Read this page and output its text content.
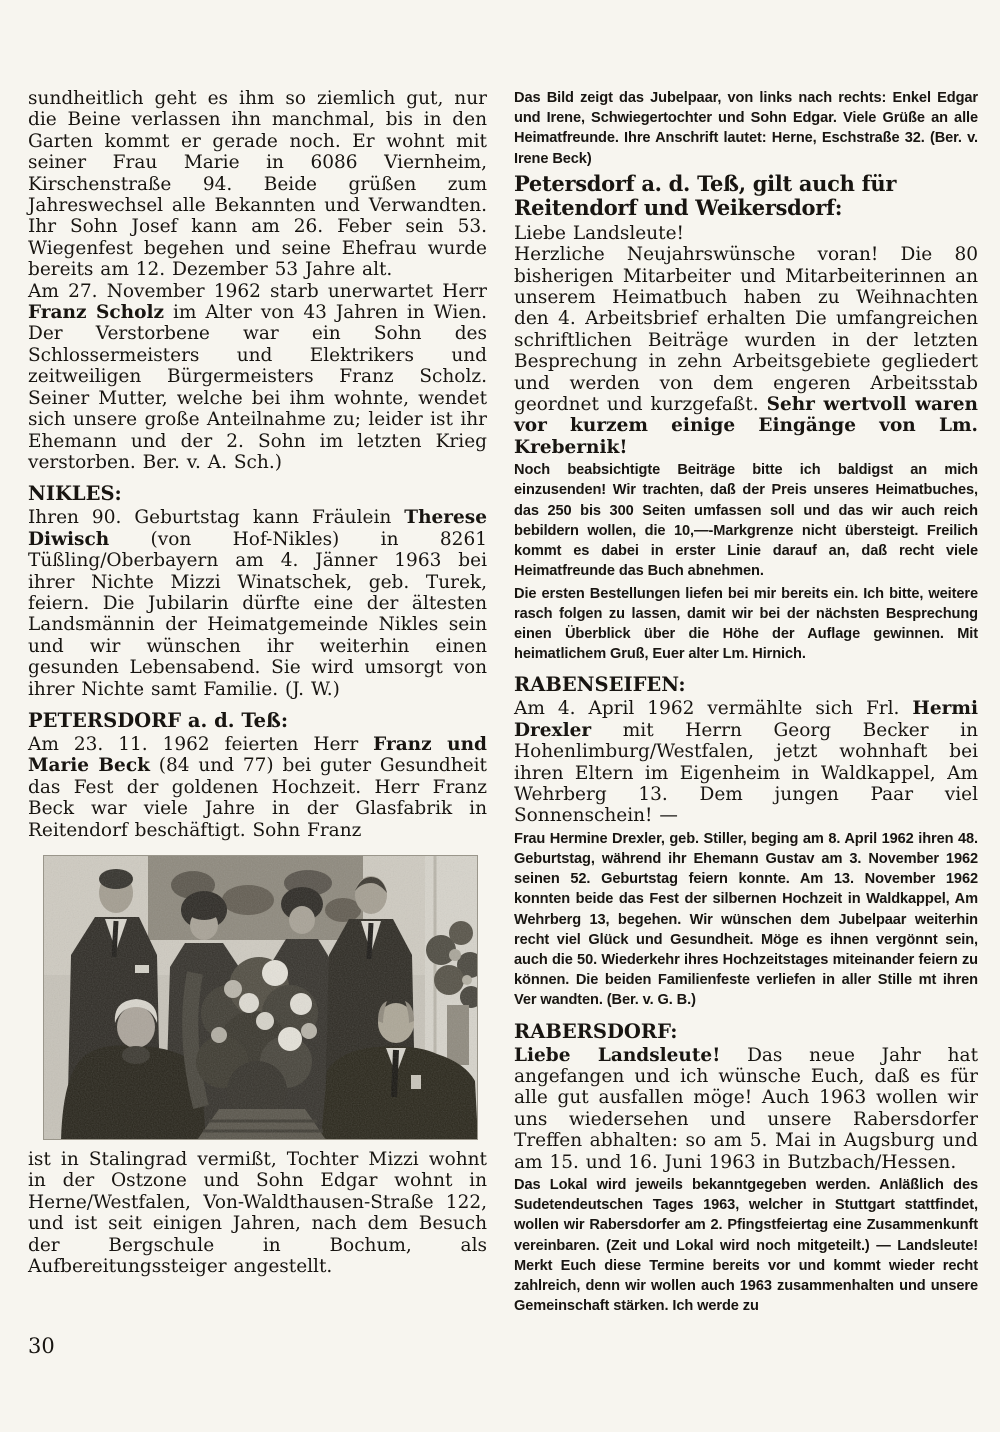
sundheitlich geht es ihm so ziemlich gut, nur die Beine verlassen ihn manchmal, bis in den Garten kommt er gerade noch. Er wohnt mit seiner Frau Marie in 6086 Viernheim, Kirschenstraße 94. Beide grüßen zum Jahreswechsel alle Bekannten und Verwandten. Ihr Sohn Josef kann am 26. Feber sein 53. Wiegenfest begehen und seine Ehefrau wurde bereits am 12. Dezember 53 Jahre alt.

Am 27. November 1962 starb unerwartet Herr Franz Scholz im Alter von 43 Jahren in Wien. Der Verstorbene war ein Sohn des Schlossermeisters und Elektrikers und zeitweiligen Bürgermeisters Franz Scholz. Seiner Mutter, welche bei ihm wohnte, wendet sich unsere große Anteilnahme zu; leider ist ihr Ehemann und der 2. Sohn im letzten Krieg verstorben. Ber. v. A. Sch.)

NIKLES:

Ihren 90. Geburtstag kann Fräulein Therese Diwisch (von Hof-Nikles) in 8261 Tüßling/Oberbayern am 4. Jänner 1963 bei ihrer Nichte Mizzi Winatschek, geb. Turek, feiern. Die Jubilarin dürfte eine der ältesten Landsmännin der Heimatgemeinde Nikles sein und wir wünschen ihr weiterhin einen gesunden Lebensabend. Sie wird umsorgt von ihrer Nichte samt Familie. (J. W.)

PETERSDORF a. d. Teß:

Am 23. 11. 1962 feierten Herr Franz und Marie Beck (84 und 77) bei guter Gesundheit das Fest der goldenen Hochzeit. Herr Franz Beck war viele Jahre in der Glasfabrik in Reitendorf beschäftigt. Sohn Franz

ist in Stalingrad vermißt, Tochter Mizzi wohnt in der Ostzone und Sohn Edgar wohnt in Herne/Westfalen, Von-Waldthausen-Straße 122, und ist seit einigen Jahren, nach dem Besuch der Bergschule in Bochum, als Aufbereitungssteiger angestellt.

Das Bild zeigt das Jubelpaar, von links nach rechts: Enkel Edgar und Irene, Schwiegertochter und Sohn Edgar. Viele Grüße an alle Heimatfreunde. Ihre Anschrift lautet: Herne, Eschstraße 32. (Ber. v. Irene Beck)

Petersdorf a. d. Teß, gilt auch für Reitendorf und Weikersdorf:

Liebe Landsleute!

Herzliche Neujahrswünsche voran! Die 80 bisherigen Mitarbeiter und Mitarbeiterinnen an unserem Heimatbuch haben zu Weihnachten den 4. Arbeitsbrief erhalten Die umfangreichen schriftlichen Beiträge wurden in der letzten Besprechung in zehn Arbeitsgebiete gegliedert und werden von dem engeren Arbeitsstab geordnet und kurzgefaßt. Sehr wertvoll waren vor kurzem einige Eingänge von Lm. Krebernik!

Noch beabsichtigte Beiträge bitte ich baldigst an mich einzusenden! Wir trachten, daß der Preis unseres Heimatbuches, das 250 bis 300 Seiten umfassen soll und das wir auch reich bebildern wollen, die 10,—-Markgrenze nicht übersteigt. Freilich kommt es dabei in erster Linie darauf an, daß recht viele Heimatfreunde das Buch abnehmen.

Die ersten Bestellungen liefen bei mir bereits ein. Ich bitte, weitere rasch folgen zu lassen, damit wir bei der nächsten Besprechung einen Überblick über die Höhe der Auflage gewinnen. Mit heimatlichem Gruß, Euer alter Lm. Hirnich.

RABENSEIFEN:

Am 4. April 1962 vermählte sich Frl. Hermi Drexler mit Herrn Georg Becker in Hohenlimburg/Westfalen, jetzt wohnhaft bei ihren Eltern im Eigenheim in Waldkappel, Am Wehrberg 13. Dem jungen Paar viel Sonnenschein! —

Frau Hermine Drexler, geb. Stiller, beging am 8. April 1962 ihren 48. Geburtstag, während ihr Ehemann Gustav am 3. November 1962 seinen 52. Geburtstag feiern konnte. Am 13. November 1962 konnten beide das Fest der silbernen Hochzeit in Waldkappel, Am Wehrberg 13, begehen. Wir wünschen dem Jubelpaar weiterhin recht viel Glück und Gesundheit. Möge es ihnen vergönnt sein, auch die 50. Wiederkehr ihres Hochzeitstages miteinander feiern zu können. Die beiden Familienfeste verliefen in aller Stille mt ihren Ver wandten. (Ber. v. G. B.)

RABERSDORF:

Liebe Landsleute! Das neue Jahr hat angefangen und ich wünsche Euch, daß es für alle gut ausfallen möge! Auch 1963 wollen wir uns wiedersehen und unsere Rabersdorfer Treffen abhalten: so am 5. Mai in Augsburg und am 15. und 16. Juni 1963 in Butzbach/Hessen.

Das Lokal wird jeweils bekanntgegeben werden. Anläßlich des Sudetendeutschen Tages 1963, welcher in Stuttgart stattfindet, wollen wir Rabersdorfer am 2. Pfingstfeiertag eine Zusammenkunft vereinbaren. (Zeit und Lokal wird noch mitgeteilt.) — Landsleute! Merkt Euch diese Termine bereits vor und kommt wieder recht zahlreich, denn wir wollen auch 1963 zusammenhalten und unsere Gemeinschaft stärken. Ich werde zu

30
